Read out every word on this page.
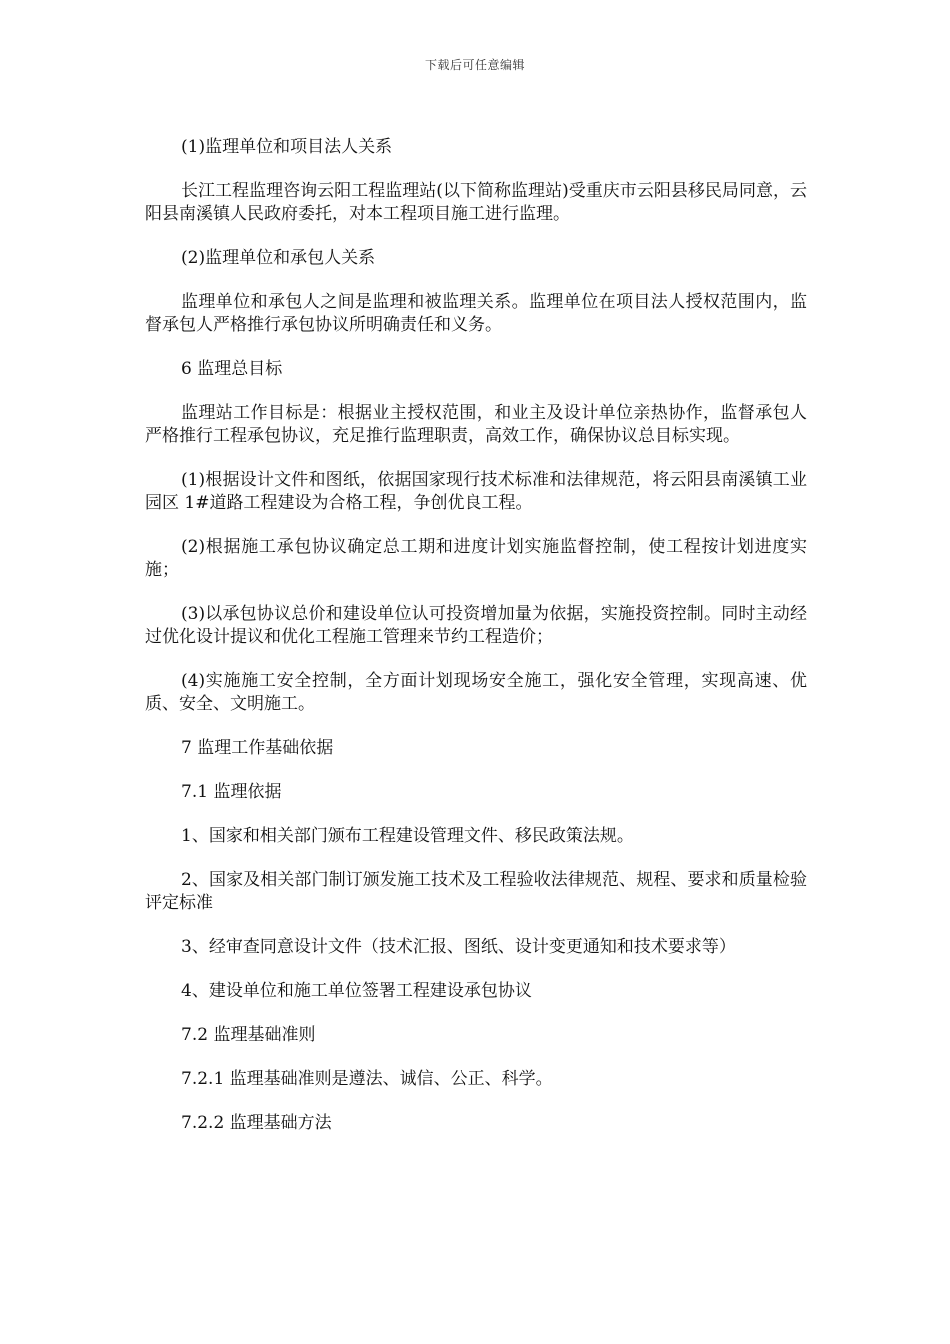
下载后可任意编辑

(1)监理单位和项目法人关系

长江工程监理咨询云阳工程监理站(以下简称监理站)受重庆市云阳县移民局同意，云阳县南溪镇人民政府委托，对本工程项目施工进行监理。

(2)监理单位和承包人关系

监理单位和承包人之间是监理和被监理关系。监理单位在项目法人授权范围内，监督承包人严格推行承包协议所明确责任和义务。

6 监理总目标

监理站工作目标是：根据业主授权范围，和业主及设计单位亲热协作，监督承包人严格推行工程承包协议，充足推行监理职责，高效工作，确保协议总目标实现。

(1)根据设计文件和图纸，依据国家现行技术标准和法律规范，将云阳县南溪镇工业园区 1#道路工程建设为合格工程，争创优良工程。

(2)根据施工承包协议确定总工期和进度计划实施监督控制，使工程按计划进度实施；

(3)以承包协议总价和建设单位认可投资增加量为依据，实施投资控制。同时主动经过优化设计提议和优化工程施工管理来节约工程造价；

(4)实施施工安全控制，全方面计划现场安全施工，强化安全管理，实现高速、优质、安全、文明施工。

7 监理工作基础依据

7.1 监理依据

1、国家和相关部门颁布工程建设管理文件、移民政策法规。

2、国家及相关部门制订颁发施工技术及工程验收法律规范、规程、要求和质量检验评定标准

3、经审查同意设计文件（技术汇报、图纸、设计变更通知和技术要求等）

4、建设单位和施工单位签署工程建设承包协议

7.2 监理基础准则

7.2.1 监理基础准则是遵法、诚信、公正、科学。

7.2.2 监理基础方法
